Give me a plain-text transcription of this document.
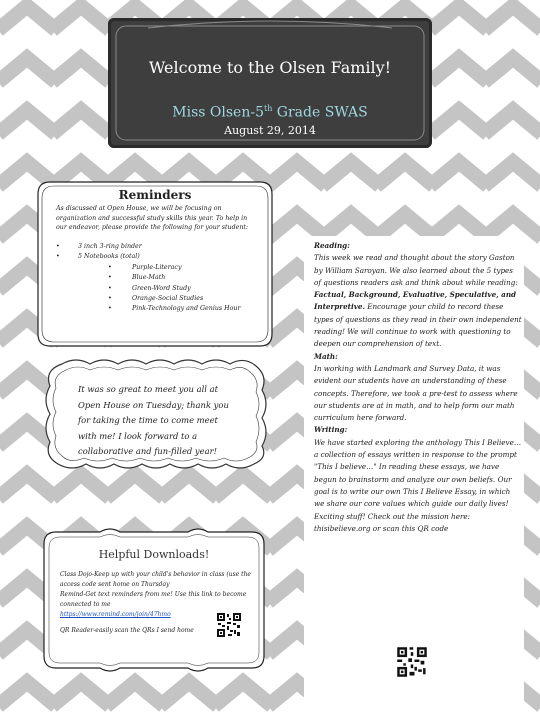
Welcome to the Olsen Family!
Miss Olsen-5th Grade SWAS
August 29, 2014
Reminders
As discussed at Open House, we will be focusing on organization and successful study skills this year. To help in our endeavor, please provide the following for your student:
• 3 inch 3-ring binder
• 5 Notebooks (total)
• Purple-Literacy
• Blue-Math
• Green-Word Study
• Orange-Social Studies
• Pink-Technology and Genius Hour
It was so great to meet you all at Open House on Tuesday; thank you for taking the time to come meet with me! I look forward to a collaborative and fun-filled year!
Helpful Downloads!
Class Dojo-Keep up with your child's behavior in class (use the access code sent home on Thursday
Remind-Get text reminders from me! Use this link to become connected to me
https://www.remind.com/join/47hmo
QR Reader-easily scan the QRs I send home

Reading:

This week we read and thought about the story Gaston by William Saroyan. We also learned about the 5 types of questions readers ask and think about while reading: Factual, Background, Evaluative, Speculative, and Interpretive. Encourage your child to record these types of questions as they read in their own independent reading! We will continue to work with questioning to deepen our comprehension of text.

Math:

In working with Landmark and Survey Data, it was evident our students have an understanding of these concepts. Therefore, we took a pre-test to assess where our students are at in math, and to help form our math curriculum here forward.

Writing:

We have started exploring the anthology This I Believe…a collection of essays written in response to the prompt "This I believe…" In reading these essays, we have begun to brainstorm and analyze our own beliefs. Our goal is to write our own This I Believe Essay, in which we share our core values which guide our daily lives! Exciting stuff! Check out the mission here: thisibelieve.org or scan this QR code
